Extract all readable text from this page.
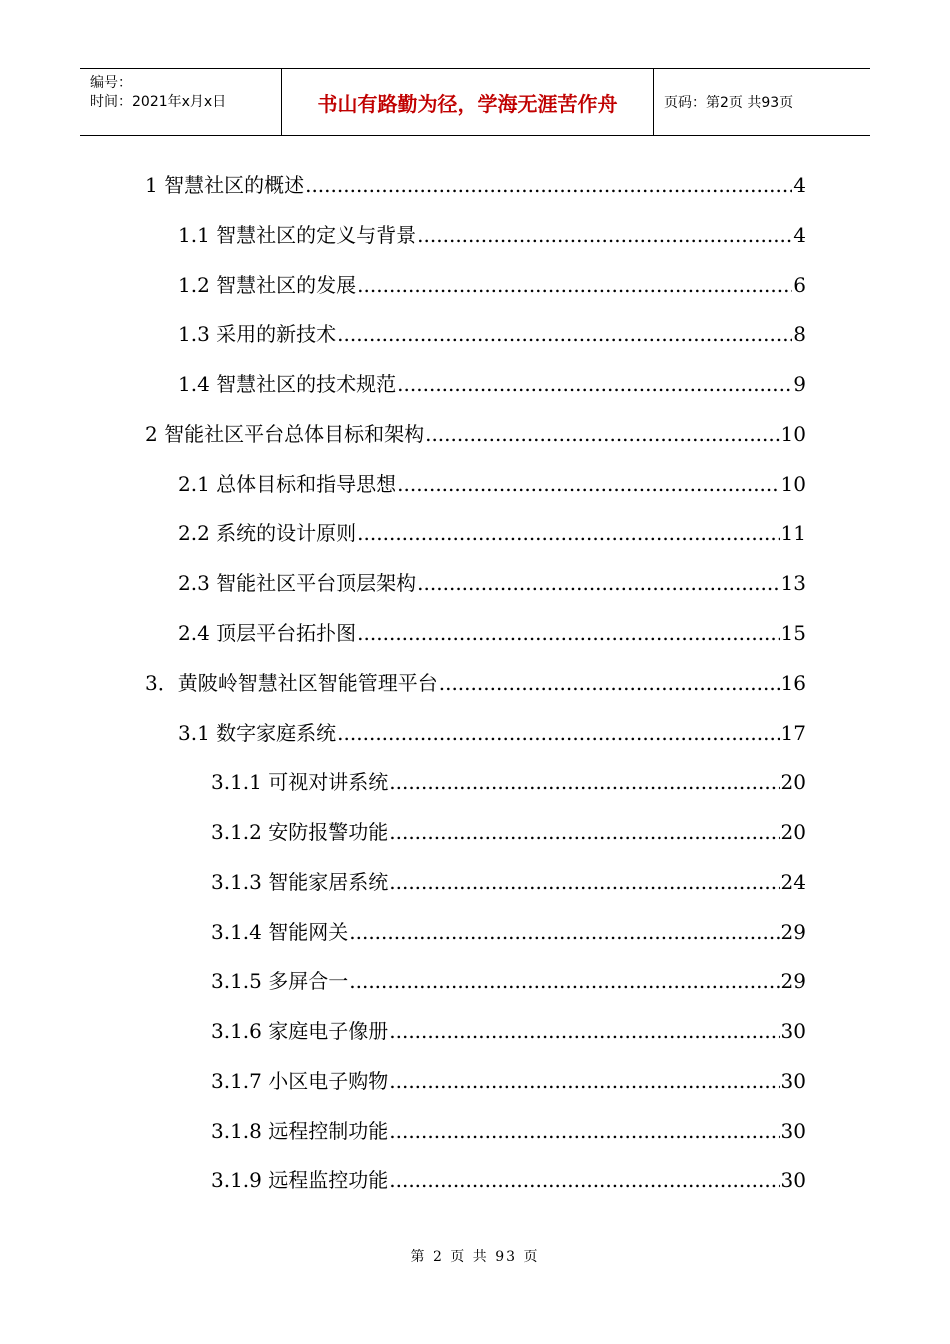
编号：
时间：2021年x月x日	书山有路勤为径，学海无涯苦作舟	页码：第2页 共93页
1 智慧社区的概述 .....	4
1.1 智慧社区的定义与背景 .....	4
1.2 智慧社区的发展 .....	6
1.3 采用的新技术 .....	8
1.4 智慧社区的技术规范 .....	9
2 智能社区平台总体目标和架构 .....	10
2.1 总体目标和指导思想 .....	10
2.2 系统的设计原则 .....	11
2.3 智能社区平台顶层架构 .....	13
2.4 顶层平台拓扑图 .....	15
3．黄陂岭智慧社区智能管理平台 .....	16
3.1 数字家庭系统 .....	17
3.1.1 可视对讲系统 .....	20
3.1.2 安防报警功能 .....	20
3.1.3 智能家居系统 .....	24
3.1.4 智能网关 .....	29
3.1.5 多屏合一 .....	29
3.1.6 家庭电子像册 .....	30
3.1.7 小区电子购物 .....	30
3.1.8 远程控制功能 .....	30
3.1.9 远程监控功能 .....	30
第 2 页 共 93 页
